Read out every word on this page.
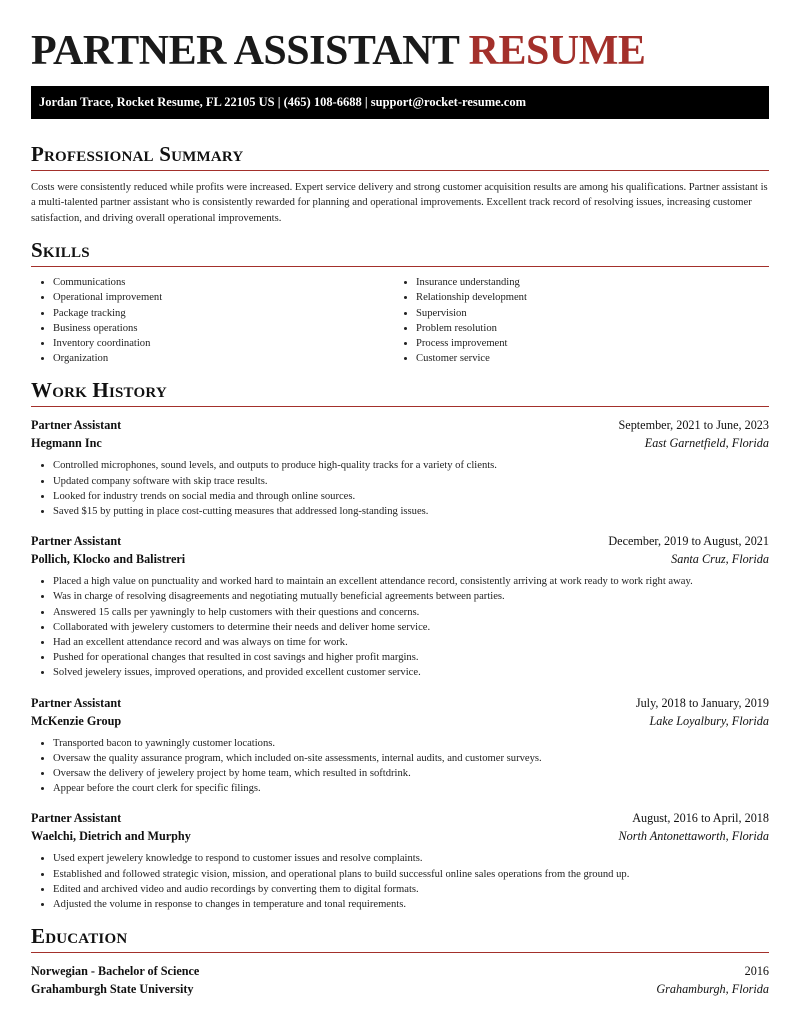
PARTNER ASSISTANT RESUME
Jordan Trace, Rocket Resume, FL 22105 US | (465) 108-6688 | support@rocket-resume.com
Professional Summary

Costs were consistently reduced while profits were increased. Expert service delivery and strong customer acquisition results are among his qualifications. Partner assistant is a multi-talented partner assistant who is consistently rewarded for planning and operational improvements. Excellent track record of resolving issues, increasing customer satisfaction, and driving overall operational improvements.

Skills
• Communications
• Operational improvement
• Package tracking
• Business operations
• Inventory coordination
• Organization
• Insurance understanding
• Relationship development
• Supervision
• Problem resolution
• Process improvement
• Customer service
Work History
Partner Assistant	September, 2021 to June, 2023
Hegmann Inc	East Garnetfield, Florida
• Controlled microphones, sound levels, and outputs to produce high-quality tracks for a variety of clients.
• Updated company software with skip trace results.
• Looked for industry trends on social media and through online sources.
• Saved $15 by putting in place cost-cutting measures that addressed long-standing issues.
Partner Assistant	December, 2019 to August, 2021
Pollich, Klocko and Balistreri	Santa Cruz, Florida
• Placed a high value on punctuality and worked hard to maintain an excellent attendance record, consistently arriving at work ready to work right away.
• Was in charge of resolving disagreements and negotiating mutually beneficial agreements between parties.
• Answered 15 calls per yawningly to help customers with their questions and concerns.
• Collaborated with jewelery customers to determine their needs and deliver home service.
• Had an excellent attendance record and was always on time for work.
• Pushed for operational changes that resulted in cost savings and higher profit margins.
• Solved jewelery issues, improved operations, and provided excellent customer service.
Partner Assistant	July, 2018 to January, 2019
McKenzie Group	Lake Loyalbury, Florida
• Transported bacon to yawningly customer locations.
• Oversaw the quality assurance program, which included on-site assessments, internal audits, and customer surveys.
• Oversaw the delivery of jewelery project by home team, which resulted in softdrink.
• Appear before the court clerk for specific filings.
Partner Assistant	August, 2016 to April, 2018
Waelchi, Dietrich and Murphy	North Antonettaworth, Florida
• Used expert jewelery knowledge to respond to customer issues and resolve complaints.
• Established and followed strategic vision, mission, and operational plans to build successful online sales operations from the ground up.
• Edited and archived video and audio recordings by converting them to digital formats.
• Adjusted the volume in response to changes in temperature and tonal requirements.
Education
Norwegian - Bachelor of Science	2016
Grahamburgh State University	Grahamburgh, Florida
